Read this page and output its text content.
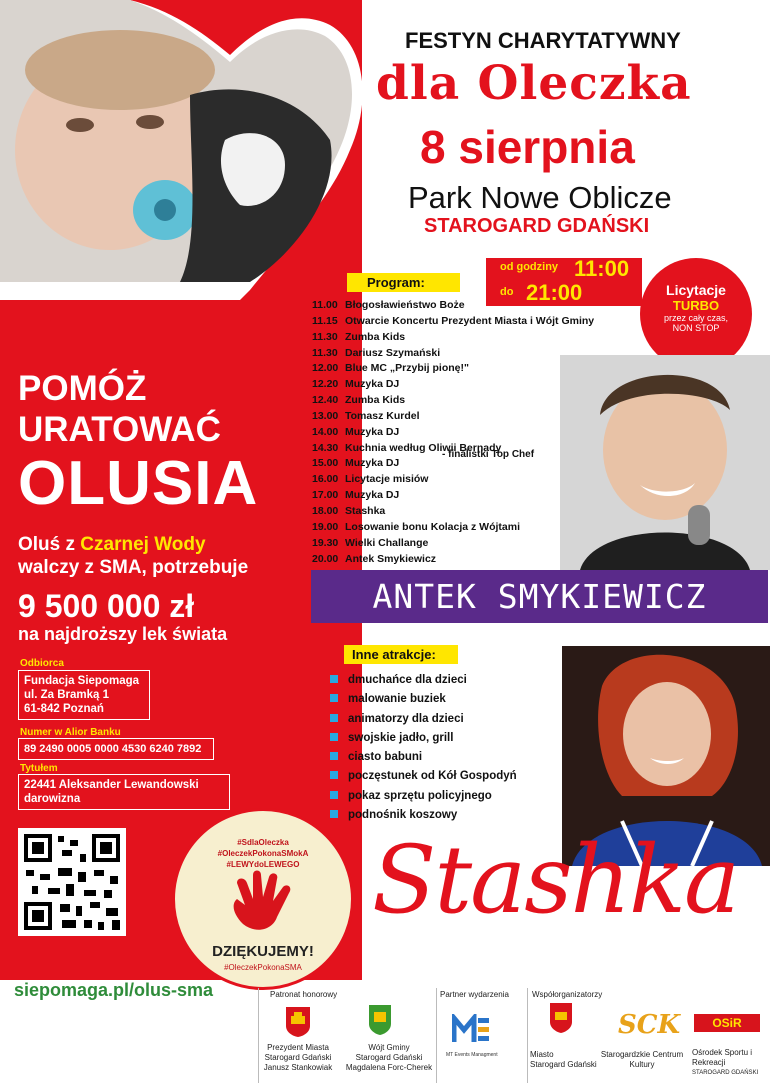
POMÓŻ
URATOWAĆ
OLUSIA
Oluś z Czarnej Wody
walczy z SMA, potrzebuje
9 500 000 zł
na najdroższy lek świata
Odbiorca
Fundacja Siepomaga
ul. Za Bramką 1
61-842 Poznań
Numer w Alior Banku
89 2490 0005 0000 4530 6240 7892
Tytułem
22441 Aleksander Lewandowski
darowizna
#SdlaOleczka
#OleczekPokonaSMokA
#LEWYdoLEWEGO
DZIĘKUJEMY!
#OleczekPokonaSMA
FESTYN CHARYTATYWNY
dla Oleczka
8 sierpnia
Park Nowe Oblicze
STAROGARD GDAŃSKI
Program:
od godziny 11:00
do 21:00	Licytacje
TURBO
przez cały czas,
NON STOP
11.00 Błogosławieństwo Boże
11.15 Otwarcie Koncertu Prezydent Miasta i Wójt Gminy
11.30 Zumba Kids
11.30 Dariusz Szymański
12.00 Blue MC „Przybij pionę!"
12.20 Muzyka DJ
12.40 Zumba Kids
13.00 Tomasz Kurdel
14.00 Muzyka DJ
14.30 Kuchnia według Oliwii Bernady
15.00 Muzyka DJ
16.00 Licytacje misiów
17.00 Muzyka DJ
18.00 Stashka
19.00 Losowanie bonu Kolacja z Wójtami
19.30 Wielki Challange
20.00 Antek Smykiewicz
- finalistki Top Chef
ANTEK SMYKIEWICZ
Inne atrakcje:
dmuchańce dla dzieci
malowanie buziek
animatorzy dla dzieci
swojskie jadło, grill
ciasto babuni
poczęstunek od Kół Gospodyń
pokaz sprzętu policyjnego
podnośnik koszowy
Stashka
siepomaga.pl/olus-sma	Patronat honorowy
Prezydent Miasta
Starogard Gdański
Janusz Stankowiak
Wójt Gminy
Starogard Gdański
Magdalena Forc-Cherek
Partner wydarzenia
MT Events Managment
Współorganizatorzy
Miasto
Starogard Gdański
SCK
Starogardzkie Centrum
Kultury
OSiR
Ośrodek Sportu i
Rekreacji
STAROGARD GDAŃSKI
